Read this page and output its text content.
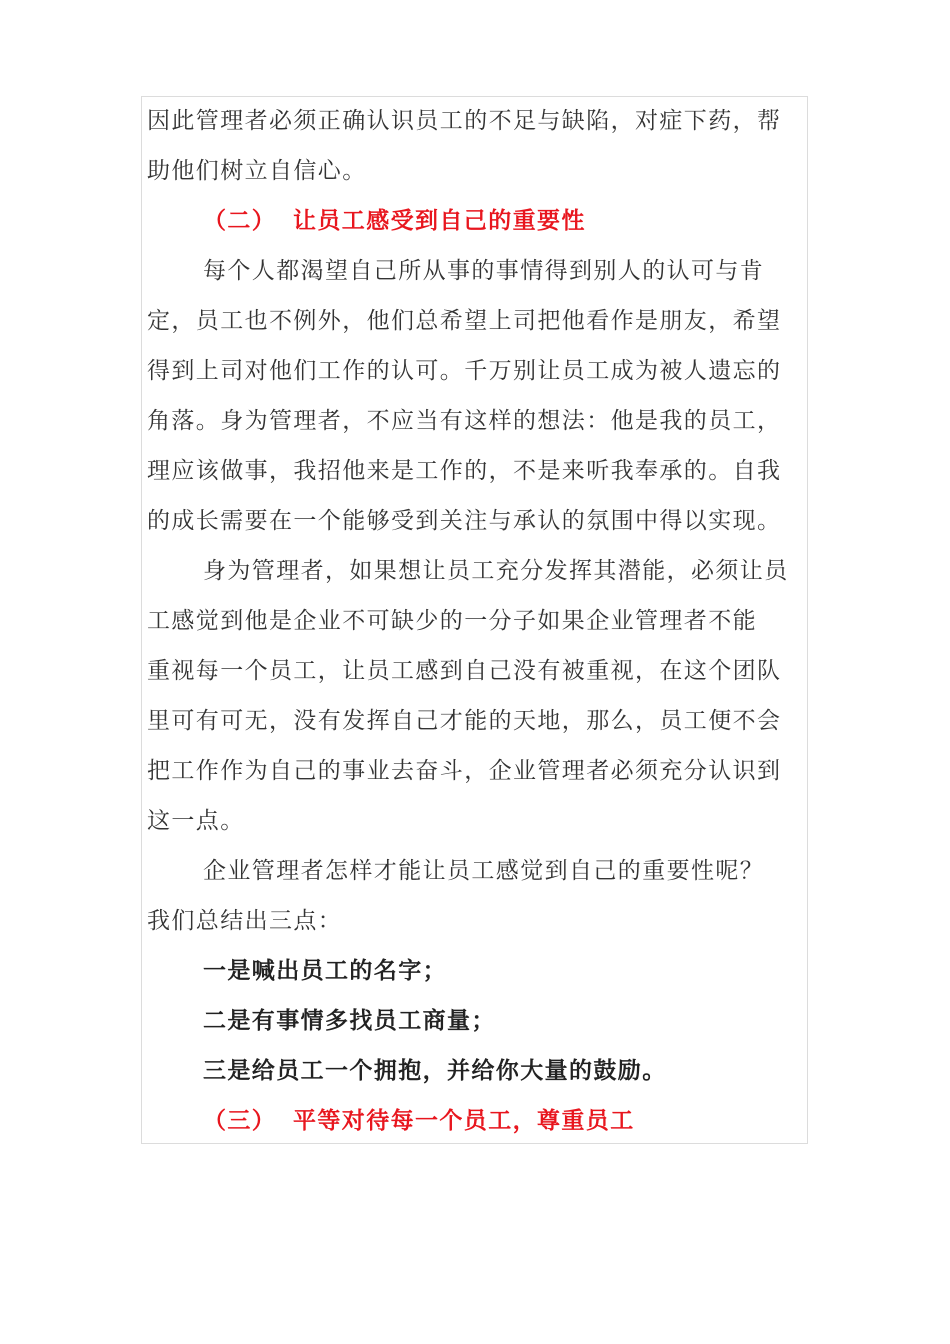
因此管理者必须正确认识员工的不足与缺陷，对症下药，帮
助他们树立自信心。
（二） 让员工感受到自己的重要性
每个人都渴望自己所从事的事情得到别人的认可与肯
定，员工也不例外，他们总希望上司把他看作是朋友，希望
得到上司对他们工作的认可。千万别让员工成为被人遗忘的
角落。身为管理者，不应当有这样的想法：他是我的员工，
理应该做事，我招他来是工作的，不是来听我奉承的。自我
的成长需要在一个能够受到关注与承认的氛围中得以实现。
身为管理者，如果想让员工充分发挥其潜能，必须让员
工感觉到他是企业不可缺少的一分子如果企业管理者不能
重视每一个员工，让员工感到自己没有被重视，在这个团队
里可有可无，没有发挥自己才能的天地，那么，员工便不会
把工作作为自己的事业去奋斗，企业管理者必须充分认识到
这一点。
企业管理者怎样才能让员工感觉到自己的重要性呢？
我们总结出三点：
一是喊出员工的名字；
二是有事情多找员工商量；
三是给员工一个拥抱，并给你大量的鼓励。
（三） 平等对待每一个员工，尊重员工
